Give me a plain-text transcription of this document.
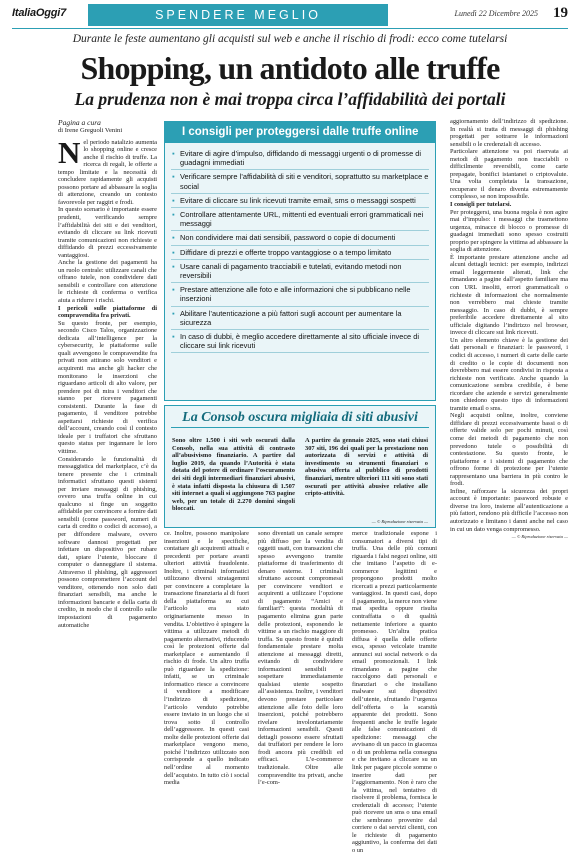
ItaliaOggi7	SPENDERE MEGLIO	Lunedì 22 Dicembre 2025 19
Durante le feste aumentano gli acquisti sul web e anche il rischio di frodi: ecco come tutelarsi
Shopping, un antidoto alle truffe
La prudenza non è mai troppa circa l’affidabilità dei portali
Pagina a cura
di Irene Greguoli Venini

Nel periodo natalizio aumenta lo shopping online e cresce anche il rischio di truffe. La ricerca di regali, le offerte a tempo limitate e la necessità di concludere rapidamente gli acquisti possono portare ad abbassare la soglia di attenzione, creando un contesto favorevole per raggiri e frodi.

In questo scenario è importante essere prudenti, verificando sempre l’affidabilità dei siti e dei venditori, evitando di cliccare su link ricevuti tramite comunicazioni non richieste e diffidando di prezzi eccessivamente vantaggiosi.

Anche la gestione dei pagamenti ha un ruolo centrale: utilizzare canali che offrano tutele, non condividere dati sensibili e controllare con attenzione le richieste di conferma o verifica aiuta a ridurre i rischi.

I pericoli sulle piattaforme di compravendita fra privati.

Su questo fronte, per esempio, secondo Cisco Talos, organizzazione dedicata all’intelligence per la cybersecurity, le piattaforme sulle quali avvengono le compravendite fra privati non attirano solo venditori e acquirenti ma anche gli hacker che monitorano le inserzioni che riguardano articoli di alto valore, per prendere poi di mira i venditori che stanno per ricevere pagamenti consistenti. Durante la fase di pagamento, il venditore potrebbe aspettarsi richieste di verifica dell’account, creando così il contesto ideale per i truffatori che sfruttano questo status per ingannare le loro vittime.

Considerando le funzionalità di messaggistica del marketplace, c’è da tenere presente che i criminali informatici sfruttano questi sistemi per inviare messaggi di phishing, ovvero una truffa online in cui qualcuno si finge un soggetto affidabile per convincere a fornire dati sensibili (come password, numeri di carta di credito o codici di accesso), a per diffondere malware, ovvero software dannosi progettati per infettare un dispositivo per rubare dati, spiare l’utente, bloccare il computer o danneggiare il sistema. Attraverso il phishing, gli aggressori possono compromettere l’account del venditore, ottenendo non solo dati finanziari sensibili, ma anche le informazioni bancarie e della carta di credito, in modo che il controllo sulle impostazioni di pagamento automatiche

I consigli per proteggersi dalle truffe online
▪ Evitare di agire d’impulso, diffidando di messaggi urgenti o di promesse di guadagni immediati
▪ Verificare sempre l’affidabilità di siti e venditori, soprattutto su marketplace e social
▪ Evitare di cliccare su link ricevuti tramite email, sms o messaggi sospetti
▪ Controllare attentamente URL, mittenti ed eventuali errori grammaticali nei messaggi
▪ Non condividere mai dati sensibili, password o copie di documenti
▪ Diffidare di prezzi e offerte troppo vantaggiose o a tempo limitato
▪ Usare canali di pagamento tracciabili e tutelati, evitando metodi non reversibili
▪ Prestare attenzione alle foto e alle informazioni che si pubblicano nelle inserzioni
▪ Abilitare l’autenticazione a più fattori sugli account per aumentare la sicurezza
▪ In caso di dubbi, è meglio accedere direttamente al sito ufficiale invece di cliccare sui link ricevuti
La Consob oscura migliaia di siti abusivi

Sono oltre 1.500 i siti web oscurati dalla Consob, nella sua attività di contrasto all’abusivismo finanziario. A partire dal luglio 2019, da quando l’Autorità è stata dotata del potere di ordinare l’oscuramento dei siti degli intermediari finanziari abusivi, è stata infatti disposta la chiusura di 1.507 siti internet a quali si aggiungono 763 pagine web, per un totale di 2.270 domini singoli bloccati.

A partire da gennaio 2025, sono stati chiusi 307 siti, 196 dei quali per la prestazione non autorizzata di servizi e attività di investimento su strumenti finanziari o abusiva offerta al pubblico di prodotti finanziari, mentre ulteriori 111 siti sono stati oscurati per attività abusive relative alle cripto-attività.

— © Riproduzione riservata —
ce. Inoltre, possono manipolare inserzioni e le specifiche, contattare gli acquirenti attuali e precedenti per portare avanti ulteriori attività fraudolente. Inoltre, i criminali informatici utilizzano diversi stratagemmi per convincere a completare la transazione finanziaria al di fuori della piattaforma su cui l’articolo era stato originariamente messo in vendita. L’obiettivo è spingere la vittima a utilizzare metodi di pagamento alternativi, riducendo così le protezioni offerte dal marketplace e aumentando il rischio di frode. Un altro truffa può riguardare la spedizione: infatti, se un criminale informatico riesce a convincere il venditore a modificare l’indirizzo di spedizione, l’articolo venduto potrebbe essere inviato in un luogo che si trova sotto il controllo dell’aggressore. In questi casi molte delle protezioni offerte dai marketplace vengono meno, poiché l’indirizzo utilizzato non corrisponde a quello indicato nell’ordine al momento dell’acquisto. In tutto ciò i social media
sono diventati un canale sempre più diffuso per la vendita di oggetti usati, con transazioni che spesso avvengono tramite piattaforme di trasferimento di denaro esterne. I criminali sfruttano account compromessi per convincere venditori e acquirenti a utilizzare l’opzione di pagamento “Amici e familiari”: questa modalità di pagamento elimina gran parte delle protezioni, esponendo le vittime a un rischio maggiore di truffa. Su questo fronte è quindi fondamentale prestare molta attenzione ai messaggi diretti, evitando di condividere informazioni sensibili e sospettare immediatamente qualsiasi utente sospetto all’assistenza. Inoltre, i venditori devono prestare particolare attenzione alle foto delle loro inserzioni, poiché potrebbero rivelare involontariamente informazioni sensibili. Questi dettagli possono essere sfruttati dai truffatori per rendere le loro frodi ancora più credibili ed efficaci. L’e-commerce tradizionale. Oltre alle compravendite tra privati, anche l’e-com-
merce tradizionale espone i consumatori a diversi tipi di truffa. Una delle più comuni riguarda i falsi negozi online, siti che imitano l’aspetto di e-commerce legittimi e propongono prodotti molto ricercati a prezzi particolarmente vantaggiosi. In questi casi, dopo il pagamento, la merce non viene mai spedita oppure risulta contraffatta o di qualità nettamente inferiore a quanto promesso. Un’altra pratica diffusa è quella delle offerte esca, spesso veicolate tramite annunci sui social network o da email promozionali. I link rimandano a pagine che raccolgono dati personali e finanziari o che installano malware sui dispositivi dell’utente, sfruttando l’urgenza dell’offerta o la scarsità apparente dei prodotti. Sono frequenti anche le truffe legate alle false comunicazioni di spedizione: messaggi che avvisano di un pacco in giacenza o di un problema nella consegna e che invitano a cliccare su un link per pagare piccole somme o inserire dati per l’aggiornamento. Non è raro che la vittima, nel tentativo di risolvere il problema, fornisca le credenziali di accesso; l’utente può ricevere un sms o una email che sembrano provenire dal corriere o dai servizi clienti, con le richieste di pagamento aggiuntivo, la conferma dei dati o un

aggiornamento dell’indirizzo di spedizione. In realtà si tratta di messaggi di phishing progettati per sottrarre le informazioni sensibili o le credenziali di accesso.

Particolare attenzione va poi riservata ai metodi di pagamento non tracciabili o difficilmente reversibili, come carte prepagate, bonifici istantanei o criptovalute. Una volta completata la transazione, recuperare il denaro diventa estremamente complesso, se non impossibile.

I consigli per tutelarsi.

Per proteggersi, una buona regola è non agire mai d’impulso: i messaggi che trasmettono urgenza, minacce di blocco o promesse di guadagni immediati sono spesso costruiti proprio per spingere la vittima ad abbassare la soglia di attenzione.

È importante prestare attenzione anche ad alcuni dettagli tecnici: per esempio, indirizzi email leggermente alterati, link che rimandano a pagine dall’aspetto familiare ma con URL insoliti, errori grammaticali o richieste di informazioni che normalmente non verrebbero mai chieste tramite messaggio. In caso di dubbi, è sempre preferibile accedere direttamente al sito ufficiale digitando l’indirizzo nel browser, invece di cliccare sui link ricevuti.

Un altro elemento chiave è la gestione dei dati personali e finanziari: le password, i codici di accesso, i numeri di carte delle carte di credito o le copie di documenti non dovrebbero mai essere condivisi in risposta a richieste non verificate. Anche quando la comunicazione sembra credibile, è bene ricordare che aziende e servizi generalmente non chiedono questo tipo di informazioni tramite email o sms.

Negli acquisti online, inoltre, conviene diffidare di prezzi eccessivamente bassi o di offerte valide solo per pochi minuti, così come dei metodi di pagamento che non prevedono tutele o possibilità di contestazione. Su questo fronte, le piattaforme e i sistemi di pagamento che offrono forme di protezione per l’utente rappresentano una barriera in più contro le frodi.

Infine, rafforzare la sicurezza dei propri account è importante: password robuste e diverse tra loro, insieme all’autenticazione a più fattori, rendono più difficile l’accesso non autorizzato e limitano i danni anche nel caso in cui un dato venga compromesso.

— © Riproduzione riservata —
